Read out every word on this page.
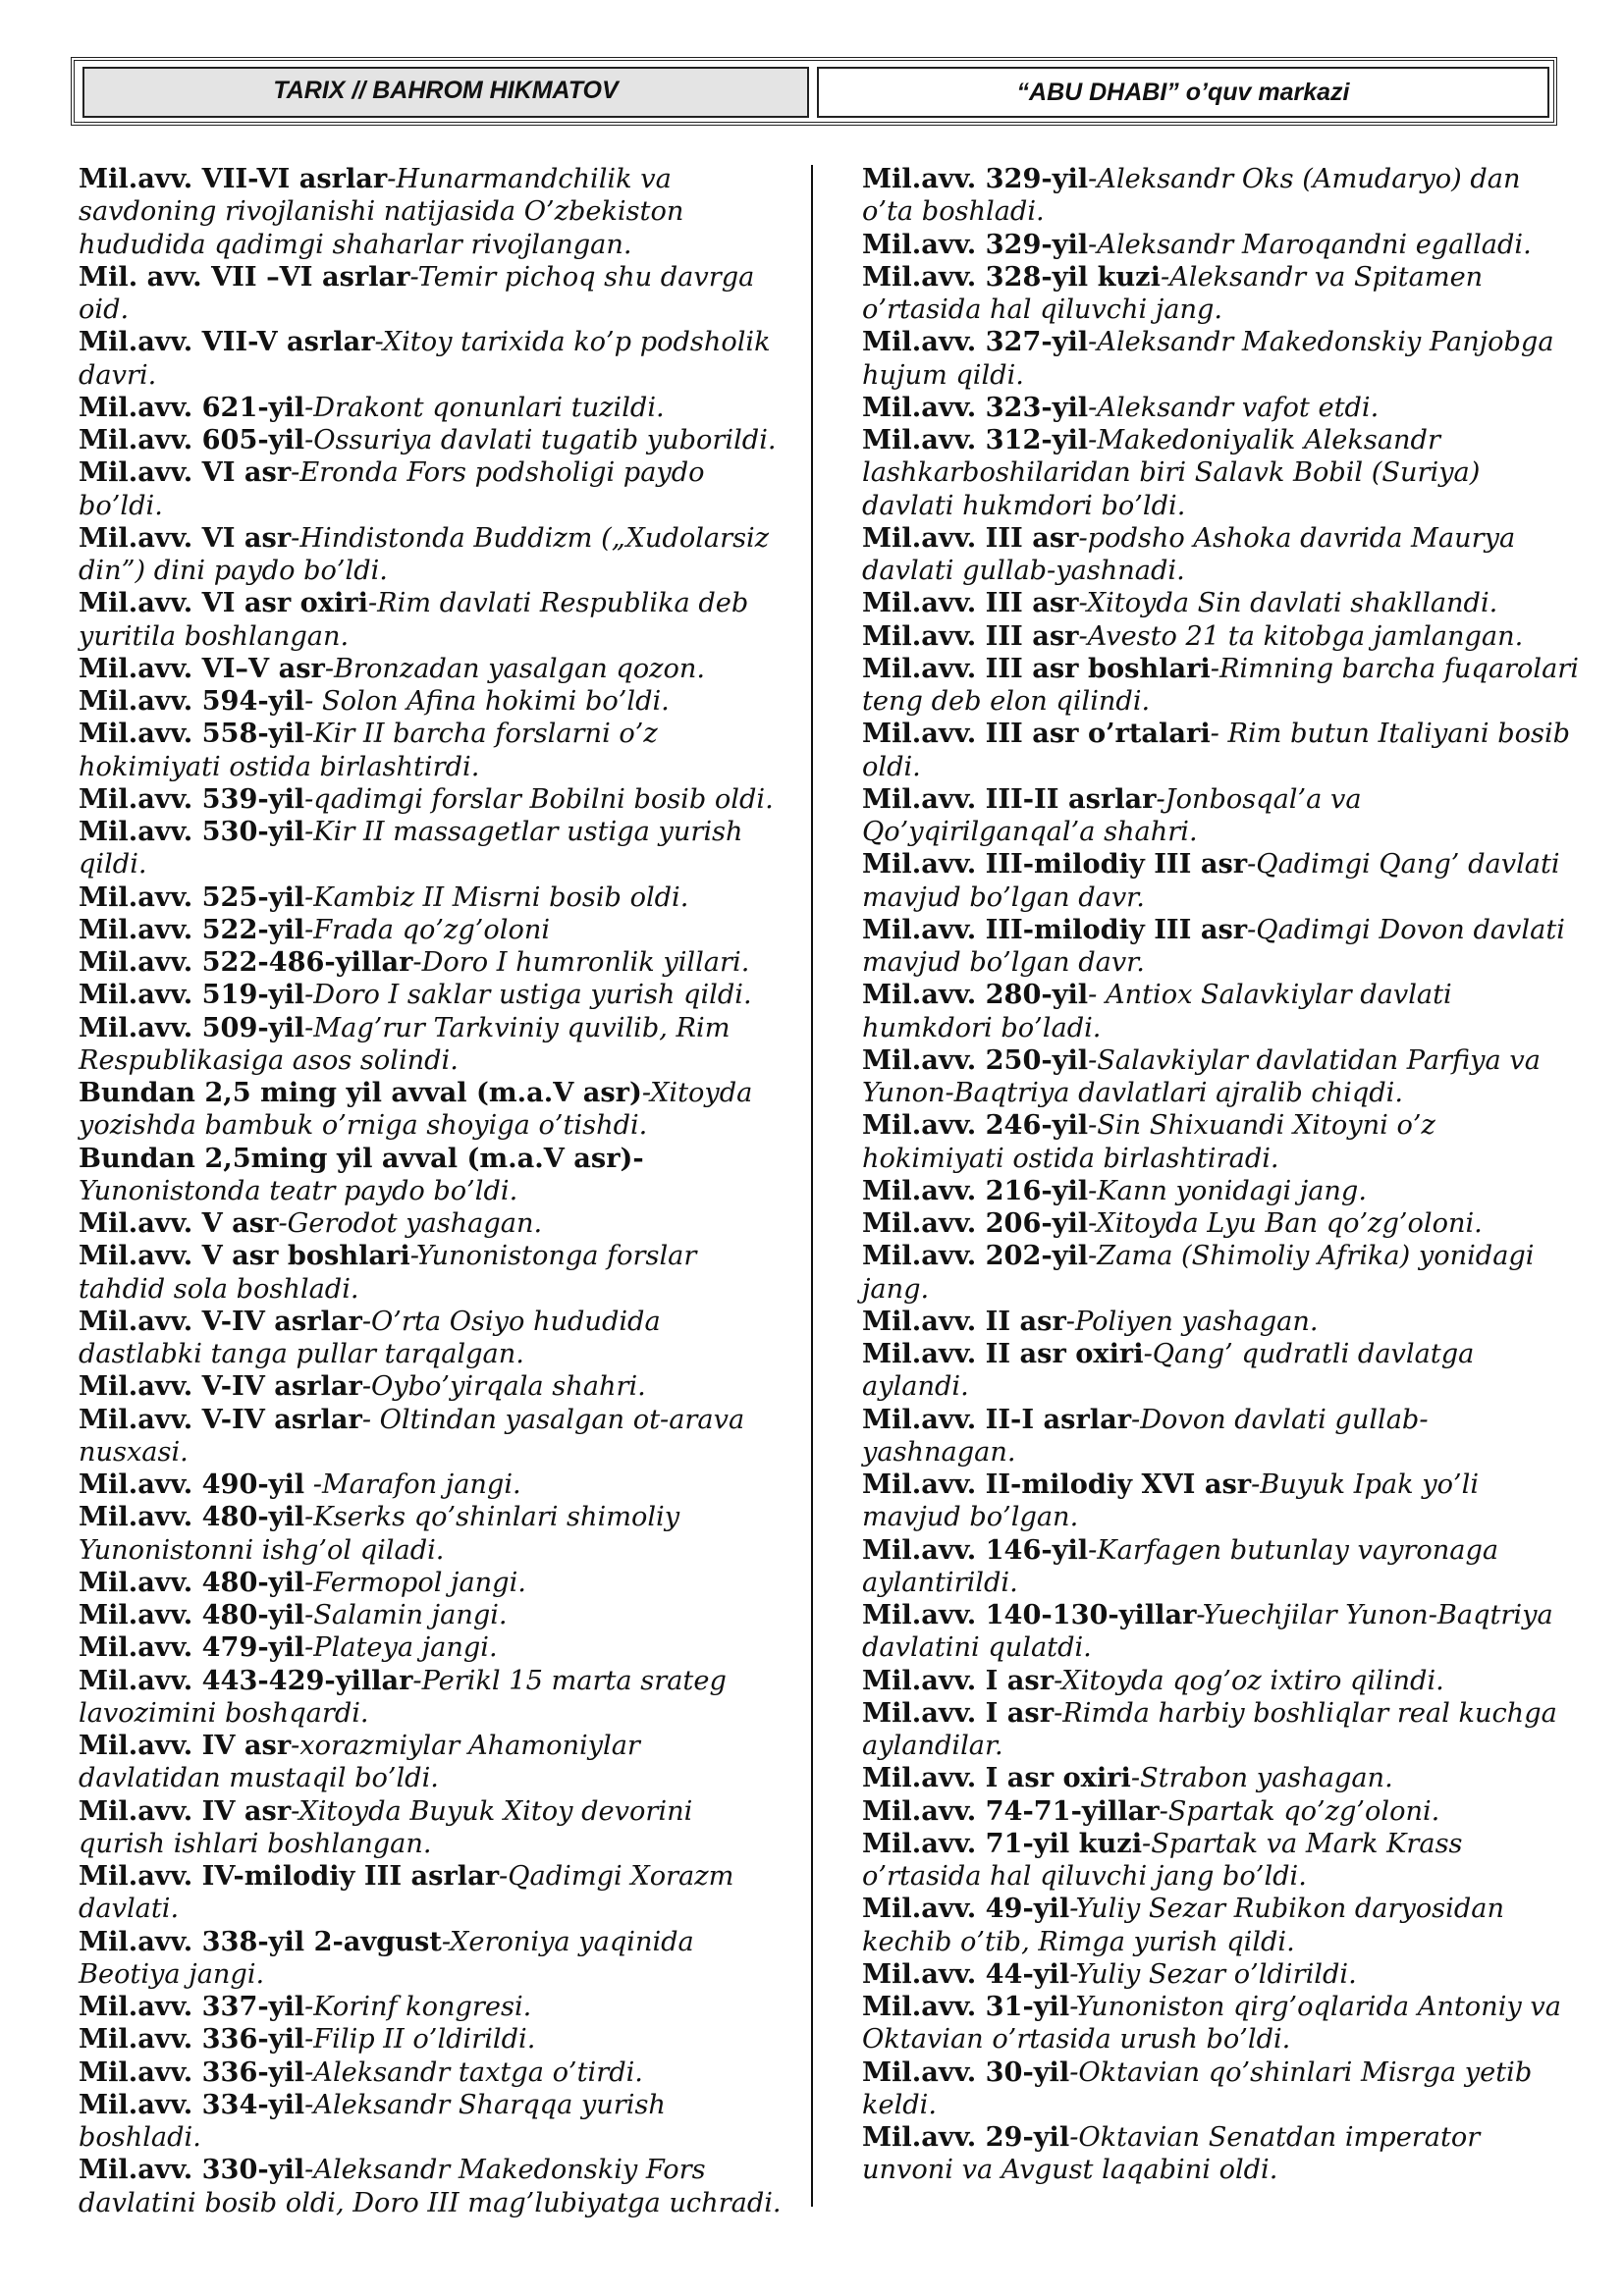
TARIX // BAHROM HIKMATOV	“ABU DHABI” o’quv markazi

Mil.avv. VII-VI asrlar-Hunarmandchilik va savdoning rivojlanishi natijasida O’zbekiston hududida qadimgi shaharlar rivojlangan.

Mil. avv. VII –VI asrlar-Temir pichoq shu davrga oid.

Mil.avv. VII-V asrlar-Xitoy tarixida ko’p podsholik davri.

Mil.avv. 621-yil-Drakont qonunlari tuzildi.

Mil.avv. 605-yil-Ossuriya davlati tugatib yuborildi.

Mil.avv. VI asr-Eronda Fors podsholigi paydo bo’ldi.

Mil.avv. VI asr-Hindistonda Buddizm („Xudolarsiz din”) dini paydo bo’ldi.

Mil.avv. VI asr oxiri-Rim davlati Respublika deb yuritila boshlangan.

Mil.avv. VI–V asr-Bronzadan yasalgan qozon.

Mil.avv. 594-yil- Solon Afina hokimi bo’ldi.

Mil.avv. 558-yil-Kir II barcha forslarni o’z hokimiyati ostida birlashtirdi.

Mil.avv. 539-yil-qadimgi forslar Bobilni bosib oldi.

Mil.avv. 530-yil-Kir II massagetlar ustiga yurish qildi.

Mil.avv. 525-yil-Kambiz II Misrni bosib oldi.

Mil.avv. 522-yil-Frada qo’zg’oloni

Mil.avv. 522-486-yillar-Doro I humronlik yillari.

Mil.avv. 519-yil-Doro I saklar ustiga yurish qildi.

Mil.avv. 509-yil-Mag’rur Tarkviniy quvilib, Rim Respublikasiga asos solindi.

Bundan 2,5 ming yil avval (m.a.V asr)-Xitoyda yozishda bambuk o’rniga shoyiga o’tishdi.

Bundan 2,5ming yil avval (m.a.V asr)-Yunonistonda teatr paydo bo’ldi.

Mil.avv. V asr-Gerodot yashagan.

Mil.avv. V asr boshlari-Yunonistonga forslar tahdid sola boshladi.

Mil.avv. V-IV asrlar-O’rta Osiyo hududida dastlabki tanga pullar tarqalgan.

Mil.avv. V-IV asrlar-Oybo’yirqala shahri.

Mil.avv. V-IV asrlar- Oltindan yasalgan ot-arava nusxasi.

Mil.avv. 490-yil -Marafon jangi.

Mil.avv. 480-yil-Kserks qo’shinlari shimoliy Yunonistonni ishg’ol qiladi.

Mil.avv. 480-yil-Fermopol jangi.

Mil.avv. 480-yil-Salamin jangi.

Mil.avv. 479-yil-Plateya jangi.

Mil.avv. 443-429-yillar-Perikl 15 marta srateg lavozimini boshqardi.

Mil.avv. IV asr-xorazmiylar Ahamoniylar davlatidan mustaqil bo’ldi.

Mil.avv. IV asr-Xitoyda Buyuk Xitoy devorini qurish ishlari boshlangan.

Mil.avv. IV-milodiy III asrlar-Qadimgi Xorazm davlati.

Mil.avv. 338-yil 2-avgust-Xeroniya yaqinida Beotiya jangi.

Mil.avv. 337-yil-Korinf kongresi.

Mil.avv. 336-yil-Filip II o’ldirildi.

Mil.avv. 336-yil-Aleksandr taxtga o’tirdi.

Mil.avv. 334-yil-Aleksandr Sharqqa yurish boshladi.

Mil.avv. 330-yil-Aleksandr Makedonskiy Fors davlatini bosib oldi, Doro III mag’lubiyatga uchradi.

Mil.avv. 329-yil-Aleksandr Oks (Amudaryo) dan o’ta boshladi.

Mil.avv. 329-yil-Aleksandr Maroqandni egalladi.

Mil.avv. 328-yil kuzi-Aleksandr va Spitamen o’rtasida hal qiluvchi jang.

Mil.avv. 327-yil-Aleksandr Makedonskiy Panjobga hujum qildi.

Mil.avv. 323-yil-Aleksandr vafot etdi.

Mil.avv. 312-yil-Makedoniyalik Aleksandr lashkarboshilaridan biri Salavk Bobil (Suriya) davlati hukmdori bo’ldi.

Mil.avv. III asr-podsho Ashoka davrida Maurya davlati gullab-yashnadi.

Mil.avv. III asr-Xitoyda Sin davlati shakllandi.

Mil.avv. III asr-Avesto 21 ta kitobga jamlangan.

Mil.avv. III asr boshlari-Rimning barcha fuqarolari teng deb elon qilindi.

Mil.avv. III asr o’rtalari- Rim butun Italiyani bosib oldi.

Mil.avv. III-II asrlar-Jonbosqal’a va Qo’yqirilganqal’a shahri.

Mil.avv. III-milodiy III asr-Qadimgi Qang’ davlati mavjud bo’lgan davr.

Mil.avv. III-milodiy III asr-Qadimgi Dovon davlati mavjud bo’lgan davr.

Mil.avv. 280-yil- Antiox Salavkiylar davlati humkdori bo’ladi.

Mil.avv. 250-yil-Salavkiylar davlatidan Parfiya va Yunon-Baqtriya davlatlari ajralib chiqdi.

Mil.avv. 246-yil-Sin Shixuandi Xitoyni o’z hokimiyati ostida birlashtiradi.

Mil.avv. 216-yil-Kann yonidagi jang.

Mil.avv. 206-yil-Xitoyda Lyu Ban qo’zg’oloni.

Mil.avv. 202-yil-Zama (Shimoliy Afrika) yonidagi jang.

Mil.avv. II asr-Poliyen yashagan.

Mil.avv. II asr oxiri-Qang’ qudratli davlatga aylandi.

Mil.avv. II-I asrlar-Dovon davlati gullab-yashnagan.

Mil.avv. II-milodiy XVI asr-Buyuk Ipak yo’li mavjud bo’lgan.

Mil.avv. 146-yil-Karfagen butunlay vayronaga aylantirildi.

Mil.avv. 140-130-yillar-Yuechjilar Yunon-Baqtriya davlatini qulatdi.

Mil.avv. I asr-Xitoyda qog’oz ixtiro qilindi.

Mil.avv. I asr-Rimda harbiy boshliqlar real kuchga aylandilar.

Mil.avv. I asr oxiri-Strabon yashagan.

Mil.avv. 74-71-yillar-Spartak qo’zg’oloni.

Mil.avv. 71-yil kuzi-Spartak va Mark Krass o’rtasida hal qiluvchi jang bo’ldi.

Mil.avv. 49-yil-Yuliy Sezar Rubikon daryosidan kechib o’tib, Rimga yurish qildi.

Mil.avv. 44-yil-Yuliy Sezar o’ldirildi.

Mil.avv. 31-yil-Yunoniston qirg’oqlarida Antoniy va Oktavian o’rtasida urush bo’ldi.

Mil.avv. 30-yil-Oktavian qo’shinlari Misrga yetib keldi.

Mil.avv. 29-yil-Oktavian Senatdan imperator unvoni va Avgust laqabini oldi.
